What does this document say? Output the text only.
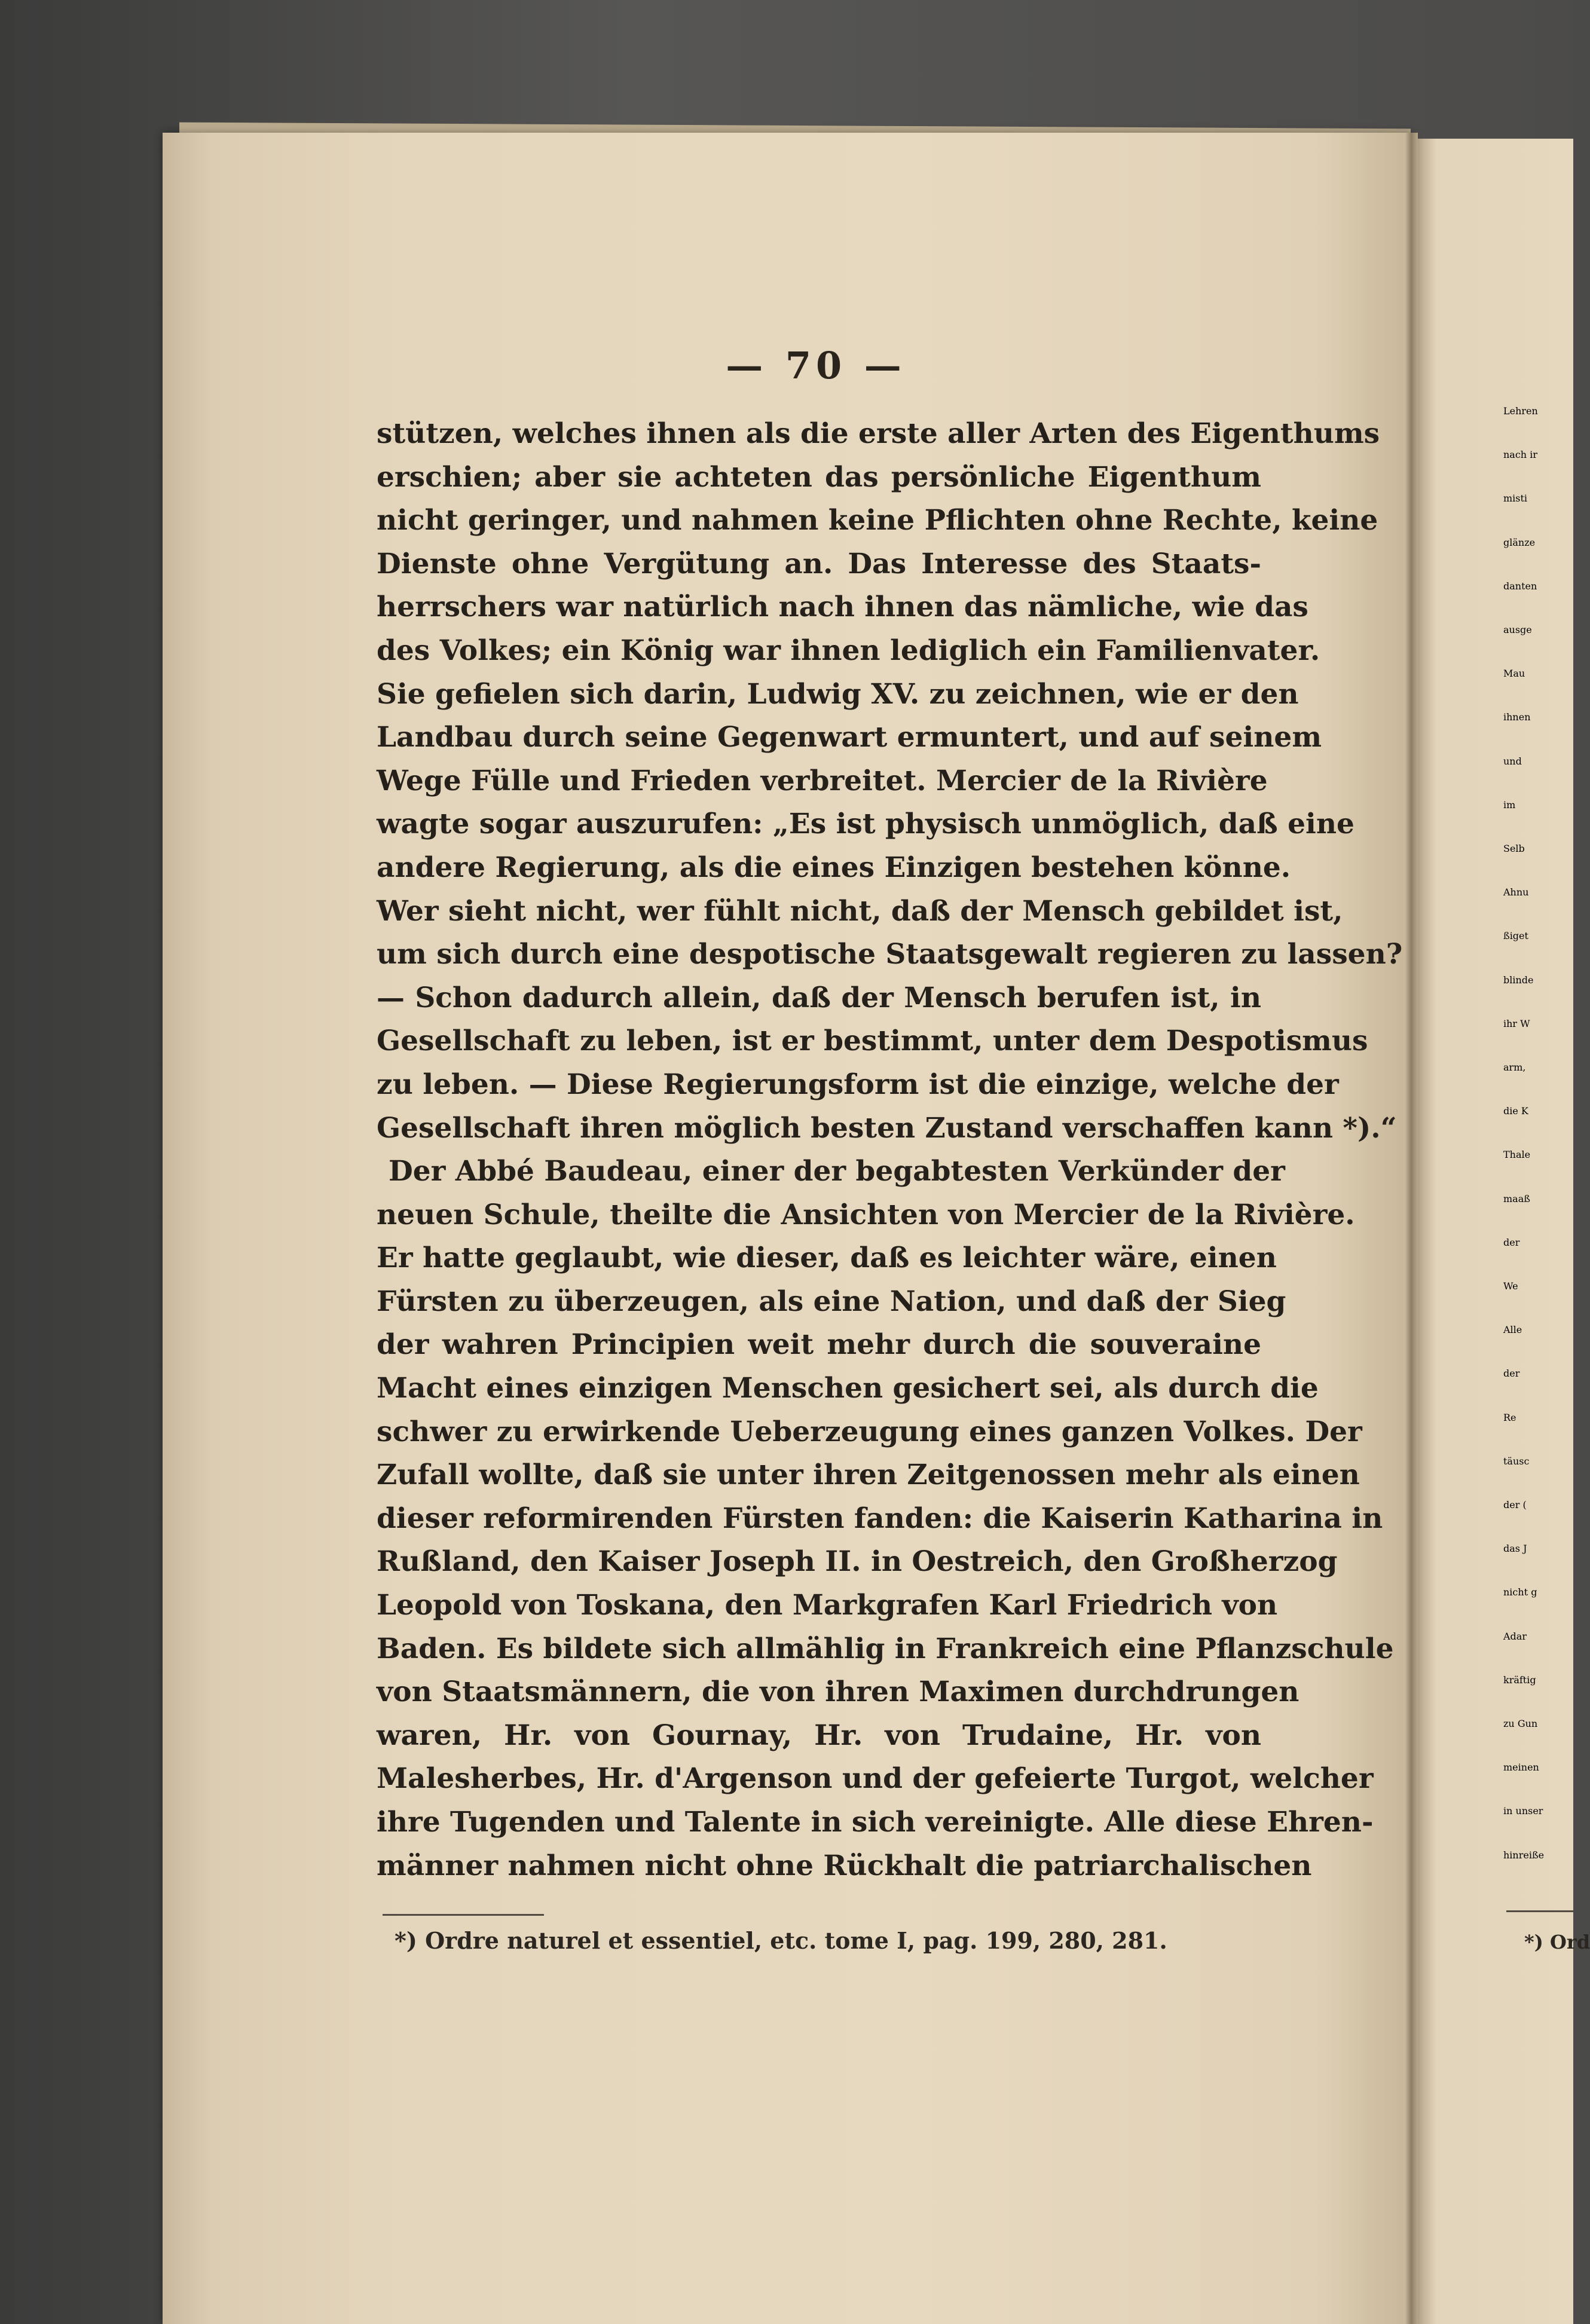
Lehren
nach ir
misti
glänze
danten
ausge
Mau
ihnen
und
im
Selb
Ahnu
ßiget
blinde
ihr W
arm,
die K
Thale
maaß
der
We
Alle
der
Re
täusc
der (
das J
nicht g
Adar
kräftig
zu Gun
meinen
in unser
hinreiße
*) Ord
— 70 —
stützen, welches ihnen als die erste aller Arten des Eigenthums
erschien; aber sie achteten das persönliche Eigenthum
nicht geringer, und nahmen keine Pflichten ohne Rechte, keine
Dienste ohne Vergütung an. Das Interesse des Staats-
herrschers war natürlich nach ihnen das nämliche, wie das
des Volkes; ein König war ihnen lediglich ein Familienvater.
Sie gefielen sich darin, Ludwig XV. zu zeichnen, wie er den
Landbau durch seine Gegenwart ermuntert, und auf seinem
Wege Fülle und Frieden verbreitet. Mercier de la Rivière
wagte sogar auszurufen: „Es ist physisch unmöglich, daß eine
andere Regierung, als die eines Einzigen bestehen könne.
Wer sieht nicht, wer fühlt nicht, daß der Mensch gebildet ist,
um sich durch eine despotische Staatsgewalt regieren zu lassen?
— Schon dadurch allein, daß der Mensch berufen ist, in
Gesellschaft zu leben, ist er bestimmt, unter dem Despotismus
zu leben. — Diese Regierungsform ist die einzige, welche der
Gesellschaft ihren möglich besten Zustand verschaffen kann *).“
Der Abbé Baudeau, einer der begabtesten Verkünder der
neuen Schule, theilte die Ansichten von Mercier de la Rivière.
Er hatte geglaubt, wie dieser, daß es leichter wäre, einen
Fürsten zu überzeugen, als eine Nation, und daß der Sieg
der wahren Principien weit mehr durch die souveraine
Macht eines einzigen Menschen gesichert sei, als durch die
schwer zu erwirkende Ueberzeugung eines ganzen Volkes. Der
Zufall wollte, daß sie unter ihren Zeitgenossen mehr als einen
dieser reformirenden Fürsten fanden: die Kaiserin Katharina in
Rußland, den Kaiser Joseph II. in Oestreich, den Großherzog
Leopold von Toskana, den Markgrafen Karl Friedrich von
Baden. Es bildete sich allmählig in Frankreich eine Pflanzschule
von Staatsmännern, die von ihren Maximen durchdrungen
waren, Hr. von Gournay, Hr. von Trudaine, Hr. von
Malesherbes, Hr. d'Argenson und der gefeierte Turgot, welcher
ihre Tugenden und Talente in sich vereinigte. Alle diese Ehren-
männer nahmen nicht ohne Rückhalt die patriarchalischen
*) Ordre naturel et essentiel, etc. tome I, pag. 199, 280, 281.
